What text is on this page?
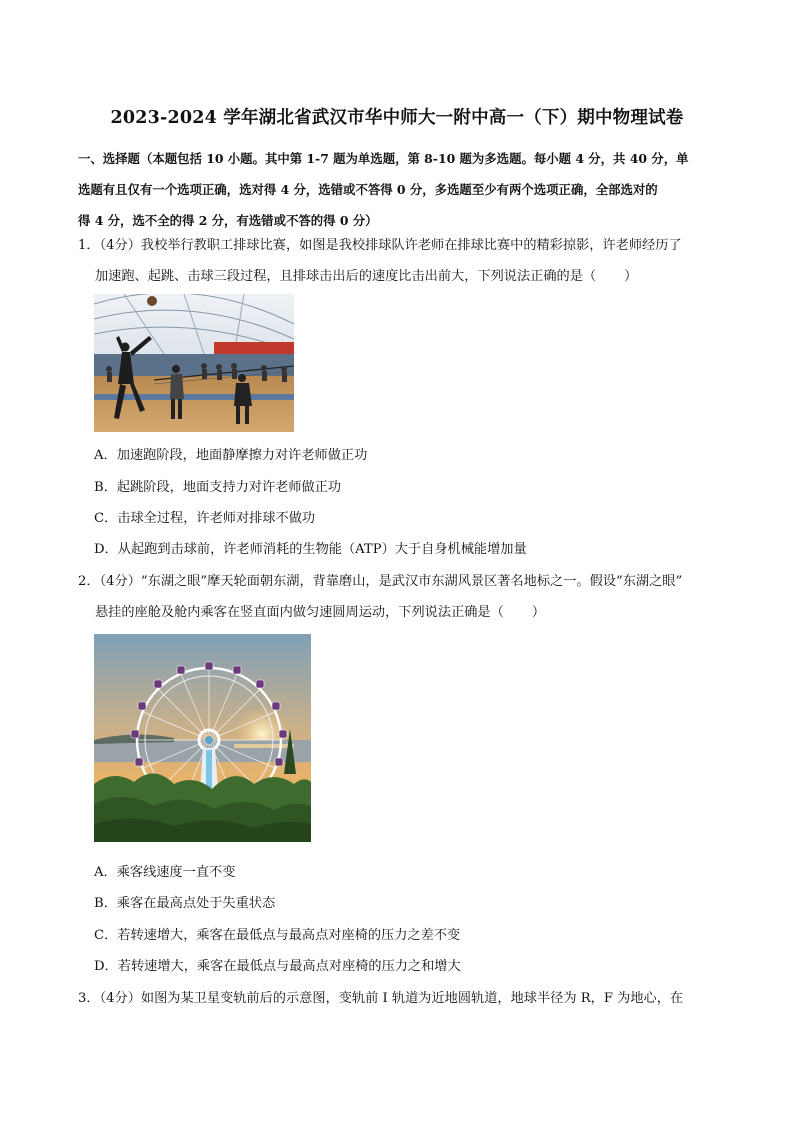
2023-2024 学年湖北省武汉市华中师大一附中高一（下）期中物理试卷
一、选择题（本题包括 10 小题。其中第 1-7 题为单选题，第 8-10 题为多选题。每小题 4 分，共 40 分，单
选题有且仅有一个选项正确，选对得 4 分，选错或不答得 0 分，多选题至少有两个选项正确，全部选对的
得 4 分，选不全的得 2 分，有选错或不答的得 0 分）
1．（4分）我校举行教职工排球比赛，如图是我校排球队许老师在排球比赛中的精彩掠影，许老师经历了
加速跑、起跳、击球三段过程，且排球击出后的速度比击出前大，下列说法正确的是（ ）
A．加速跑阶段，地面静摩擦力对许老师做正功
B．起跳阶段，地面支持力对许老师做正功
C．击球全过程，许老师对排球不做功
D．从起跑到击球前，许老师消耗的生物能（ATP）大于自身机械能增加量
2．（4分）“东湖之眼”摩天轮面朝东湖，背靠磨山，是武汉市东湖风景区著名地标之一。假设“东湖之眼”
悬挂的座舱及舱内乘客在竖直面内做匀速圆周运动，下列说法正确是（ ）
A．乘客线速度一直不变
B．乘客在最高点处于失重状态
C．若转速增大，乘客在最低点与最高点对座椅的压力之差不变
D．若转速增大，乘客在最低点与最高点对座椅的压力之和增大
3．（4分）如图为某卫星变轨前后的示意图，变轨前 I 轨道为近地圆轨道，地球半径为 R，F 为地心，在
